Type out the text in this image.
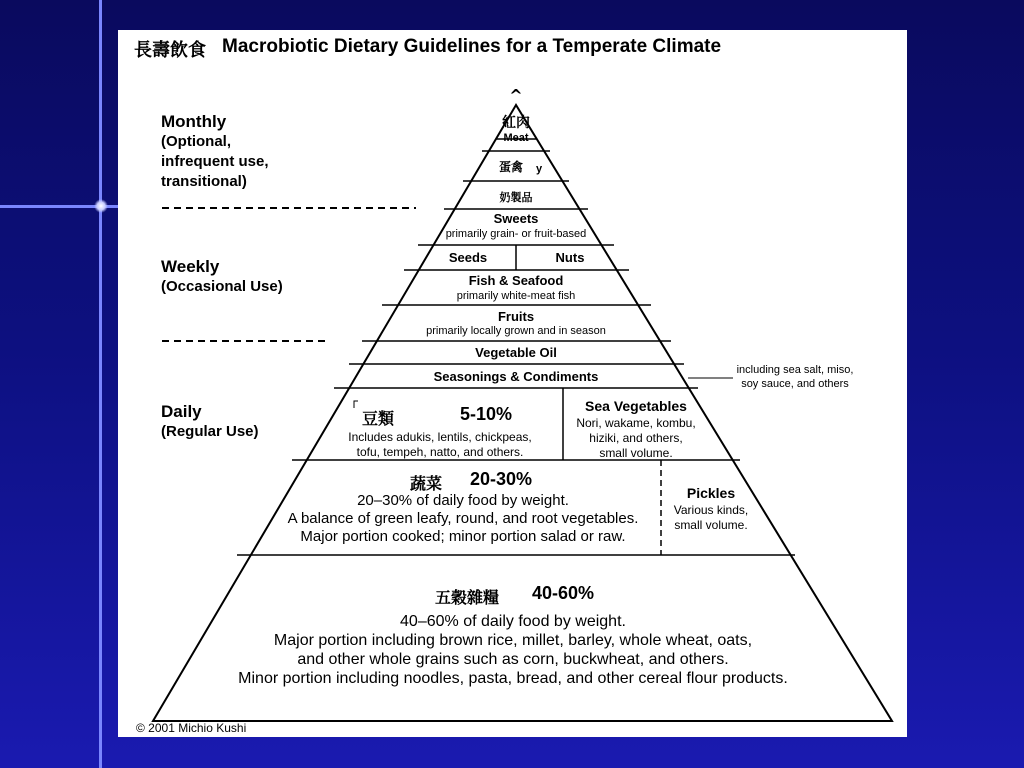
長壽飲食 Macrobiotic Dietary Guidelines for a Temperate Climate
Monthly
(Optional,
infrequent use,
transitional)
Weekly
(Occasional Use)
Daily
(Regular Use)
^
紅肉
Meat
蛋禽	y
奶製品
Sweets
primarily grain- or fruit-based
Seeds	Nuts
Fish & Seafood
primarily white-meat fish
Fruits
primarily locally grown and in season
Vegetable Oil
Seasonings & Condiments	including sea salt, miso,
soy sauce, and others
豆類	5-10%
Includes adukis, lentils, chickpeas,
tofu, tempeh, natto, and others.
Sea Vegetables
Nori, wakame, kombu,
hiziki, and others,
small volume.
蔬菜 20-30%
20–30% of daily food by weight.
A balance of green leafy, round, and root vegetables.
Major portion cooked; minor portion salad or raw.
Pickles
Various kinds,
small volume.
五穀雜糧 40-60%
40–60% of daily food by weight.
Major portion including brown rice, millet, barley, whole wheat, oats,
and other whole grains such as corn, buckwheat, and others.
Minor portion including noodles, pasta, bread, and other cereal flour products.
© 2001 Michio Kushi
